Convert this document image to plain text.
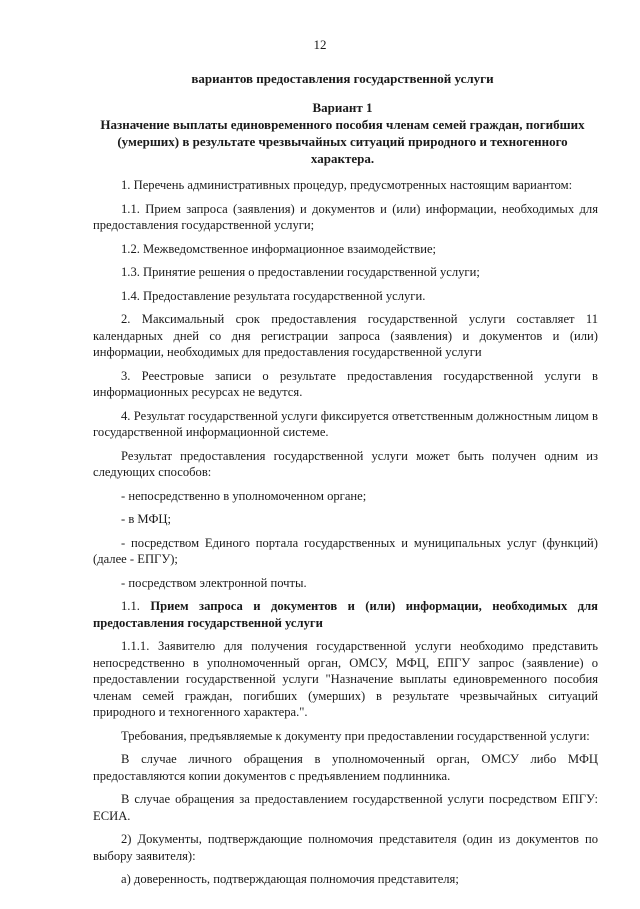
12
вариантов предоставления государственной услуги
Вариант 1
Назначение выплаты единовременного пособия членам семей граждан, погибших (умерших) в результате чрезвычайных ситуаций природного и техногенного характера.

1. Перечень административных процедур, предусмотренных настоящим вариантом:

1.1. Прием запроса (заявления) и документов и (или) информации, необходимых для предоставления государственной услуги;

1.2. Межведомственное информационное взаимодействие;

1.3. Принятие решения о предоставлении государственной услуги;

1.4. Предоставление результата государственной услуги.

2. Максимальный срок предоставления государственной услуги составляет 11 календарных дней со дня регистрации запроса (заявления) и документов и (или) информации, необходимых для предоставления государственной услуги

3. Реестровые записи о результате предоставления государственной услуги в информационных ресурсах не ведутся.

4. Результат государственной услуги фиксируется ответственным должностным лицом в государственной информационной системе.

Результат предоставления государственной услуги может быть получен одним из следующих способов:

- непосредственно в уполномоченном органе;

- в МФЦ;

- посредством Единого портала государственных и муниципальных услуг (функций) (далее - ЕПГУ);

- посредством электронной почты.

1.1. Прием запроса и документов и (или) информации, необходимых для предоставления государственной услуги

1.1.1. Заявителю для получения государственной услуги необходимо представить непосредственно в уполномоченный орган, ОМСУ, МФЦ, ЕПГУ запрос (заявление) о предоставлении государственной услуги "Назначение выплаты единовременного пособия членам семей граждан, погибших (умерших) в результате чрезвычайных ситуаций природного и техногенного характера.".

Требования, предъявляемые к документу при предоставлении государственной услуги:

В случае личного обращения в уполномоченный орган, ОМСУ либо МФЦ предоставляются копии документов с предъявлением подлинника.

В случае обращения за предоставлением государственной услуги посредством ЕПГУ: ЕСИА.

2) Документы, подтверждающие полномочия представителя (один из документов по выбору заявителя):

а) доверенность, подтверждающая полномочия представителя;
